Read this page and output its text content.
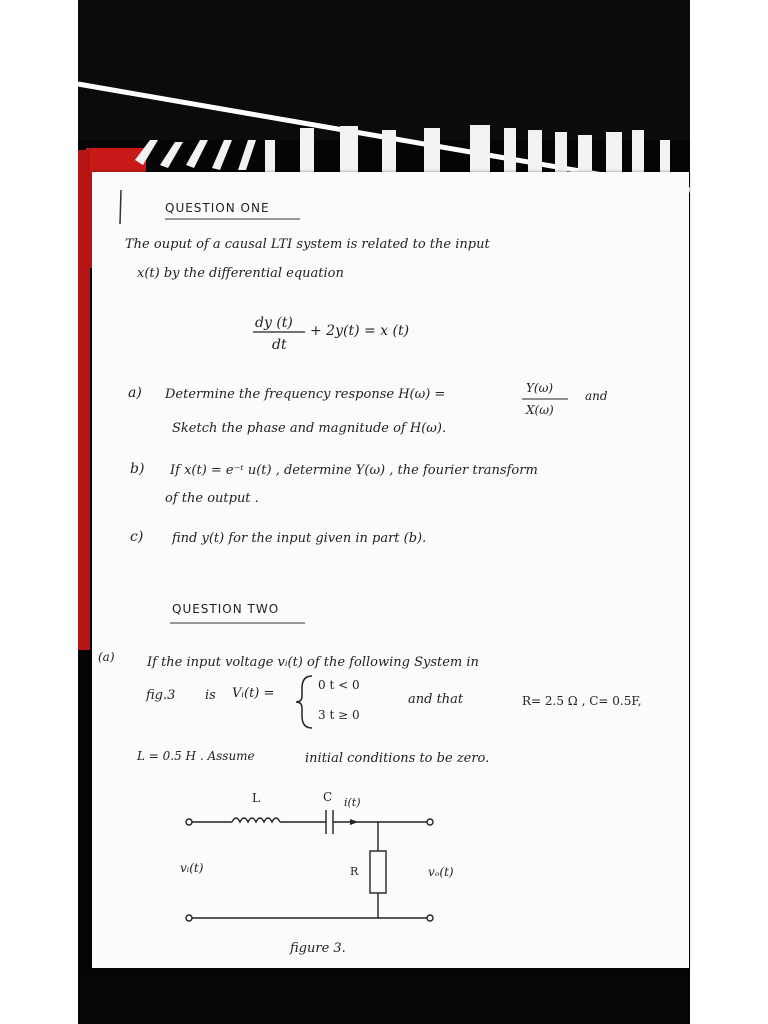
QUESTION ONE
The ouput of a causal LTI system is related to the input
x(t) by the differential equation
dy (t)
dt
+ 2y(t) = x (t)
a) Determine the frequency response H(ω) =	Y(ω)
X(ω)
and
Sketch the phase and magnitude of H(ω).
b) If x(t) = e⁻ᵗ u(t) , determine Y(ω) , the fourier transform
of the output .
c) find y(t) for the input given in part (b).
QUESTION TWO
(a) If the input voltage vᵢ(t) of the following System in
fig.3 is Vᵢ(t) =
0 t < 0
3 t ≥ 0
and that	R= 2.5 Ω , C= 0.5F,
L = 0.5 H . Assume	initial conditions to be zero.
L	C i(t)
R
vᵢ(t)	vₒ(t)
figure 3.
